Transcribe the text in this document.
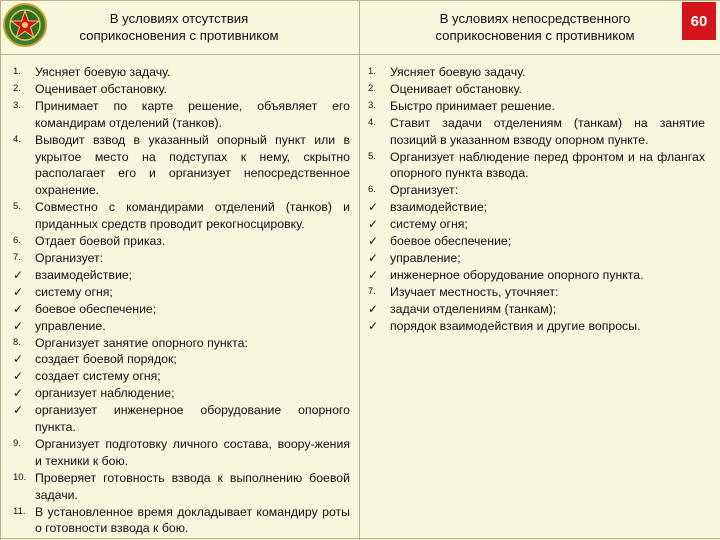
60
В условиях отсутствия
соприкосновения с противником
В условиях непосредственного
соприкосновения с противником
1.	Уясняет боевую задачу.
2.	Оценивает обстановку.
3.	Принимает по карте решение, объявляет его командирам отделений (танков).
4.	Выводит взвод в указанный опорный пункт или в укрытое место на подступах к нему, скрытно располагает его и организует непосредственное охранение.
5.	Совместно с командирами отделений (танков) и приданных средств проводит рекогносцировку.
6.	Отдает боевой приказ.
7.	Организует:
✓ взаимодействие;
✓ систему огня;
✓ боевое обеспечение;
✓ управление.
8.	Организует занятие опорного пункта:
✓ создает боевой порядок;
✓ создает систему огня;
✓ организует наблюдение;
✓ организует инженерное оборудование опорного пункта.
9.	Организует подготовку личного состава, воору-жения и техники к бою.
10. Проверяет готовность взвода к выполнению боевой задачи.
11. В установленное время докладывает командиру роты о готовности взвода к бою.
1.	Уясняет боевую задачу.
2.	Оценивает обстановку.
3.	Быстро принимает решение.
4.	Ставит задачи отделениям (танкам) на занятие позиций в указанном взводу опорном пункте.
5.	Организует наблюдение перед фронтом и на флангах опорного пункта взвода.
6.	Организует:
✓ взаимодействие;
✓ систему огня;
✓ боевое обеспечение;
✓ управление;
✓ инженерное оборудование опорного пункта.
7.	Изучает местность, уточняет:
✓ задачи отделениям (танкам);
✓ порядок взаимодействия и другие вопросы.
